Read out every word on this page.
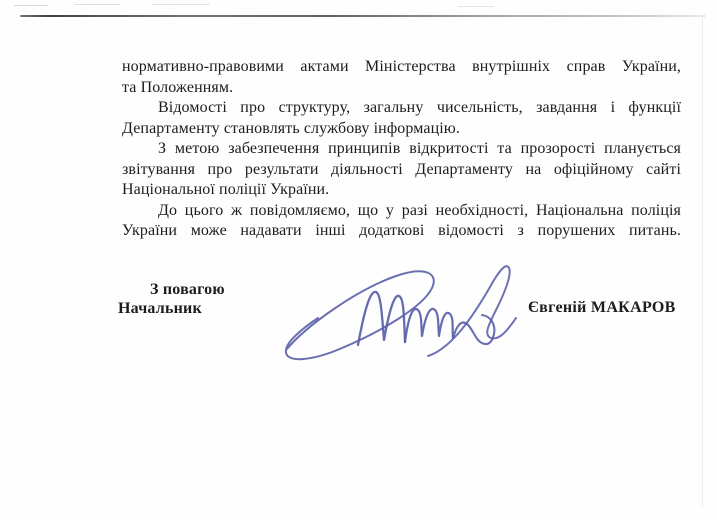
нормативно-правовими актами Міністерства внутрішніх справ України,
та Положенням.

Відомості про структуру, загальну чисельність, завдання і функції
Департаменту становлять службову інформацію.

З метою забезпечення принципів відкритості та прозорості планується
звітування про результати діяльності Департаменту на офіційному сайті
Національної поліції України.

До цього ж повідомляємо, що у разі необхідності, Національна поліція
України може надавати інші додаткові відомості з порушених питань.

З повагою
Начальник	Євгеній МАКАРОВ
